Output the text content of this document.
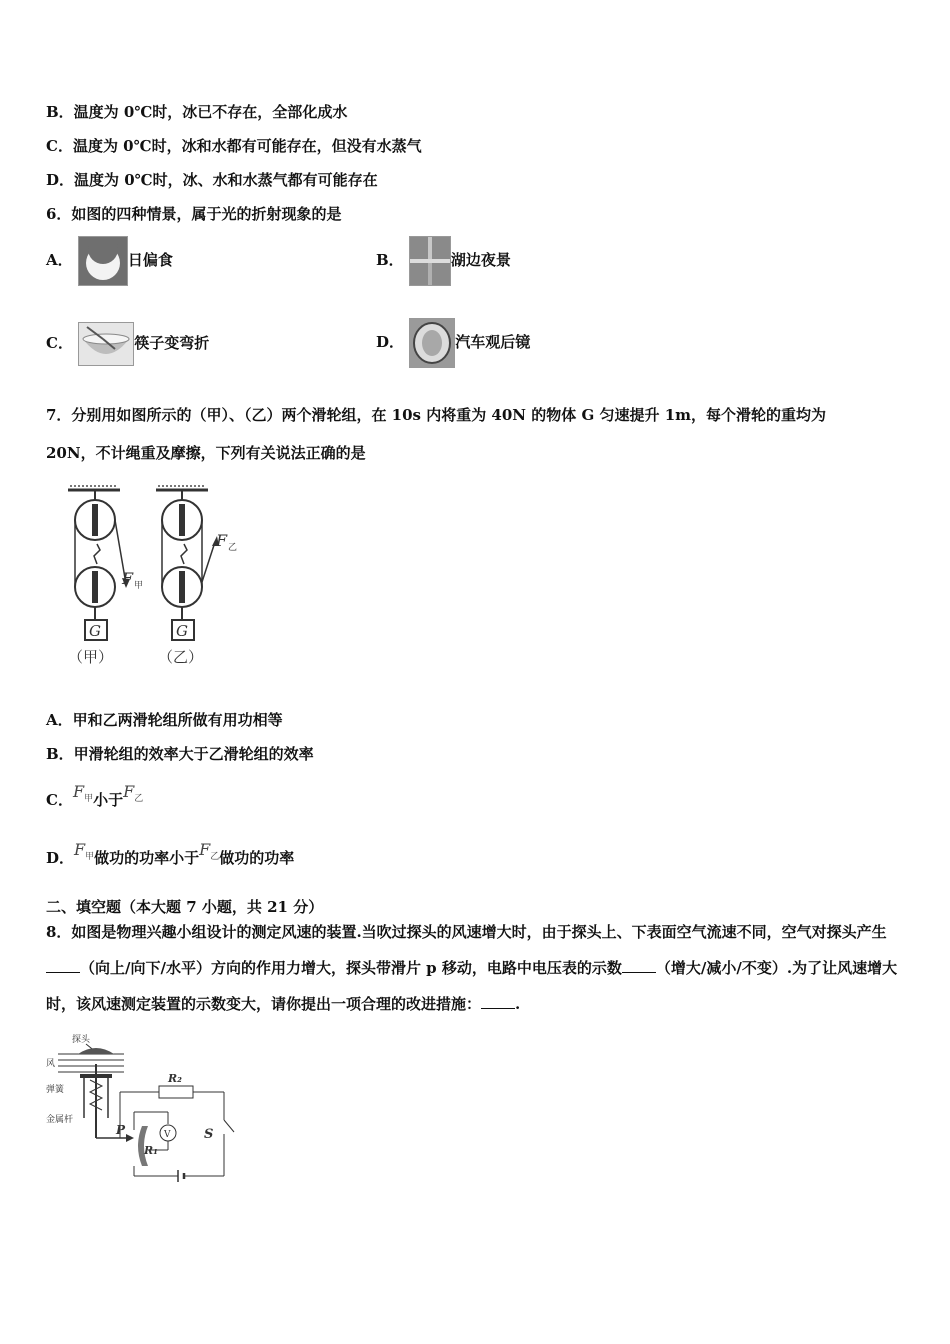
B．温度为 0℃时，冰已不存在，全部化成水
C．温度为 0℃时，冰和水都有可能存在，但没有水蒸气
D．温度为 0℃时，冰、水和水蒸气都有可能存在
6．如图的四种情景，属于光的折射现象的是
A．	日偏食	B．	湖边夜景
C．	筷子变弯折	D．	汽车观后镜
7．分别用如图所示的（甲）、（乙）两个滑轮组，在 10s 内将重为 40N 的物体 G 匀速提升 1m，每个滑轮的重均为
20N，不计绳重及摩擦，下列有关说法正确的是
F 甲
G
（甲）
F 乙
G
（乙）
A．甲和乙两滑轮组所做有用功相等
B．甲滑轮组的效率大于乙滑轮组的效率
C．$F_甲$小于$F_乙$
D．$F_甲$做功的功率小于$F_乙$做功的功率
二、填空题（本大题 7 小题，共 21 分）
8．如图是物理兴趣小组设计的测定风速的装置.当吹过探头的风速增大时，由于探头上、下表面空气流速不同，空气对探头产生（向上/向下/水平）方向的作用力增大，探头带滑片 p 移动，电路中电压表的示数 （增大/减小/不变）.为了让风速增大时，该风速测定装置的示数变大，请你提出一项合理的改进措施： .
探头
风
弹簧
金属杆
P
R₁
R₂
S
V
